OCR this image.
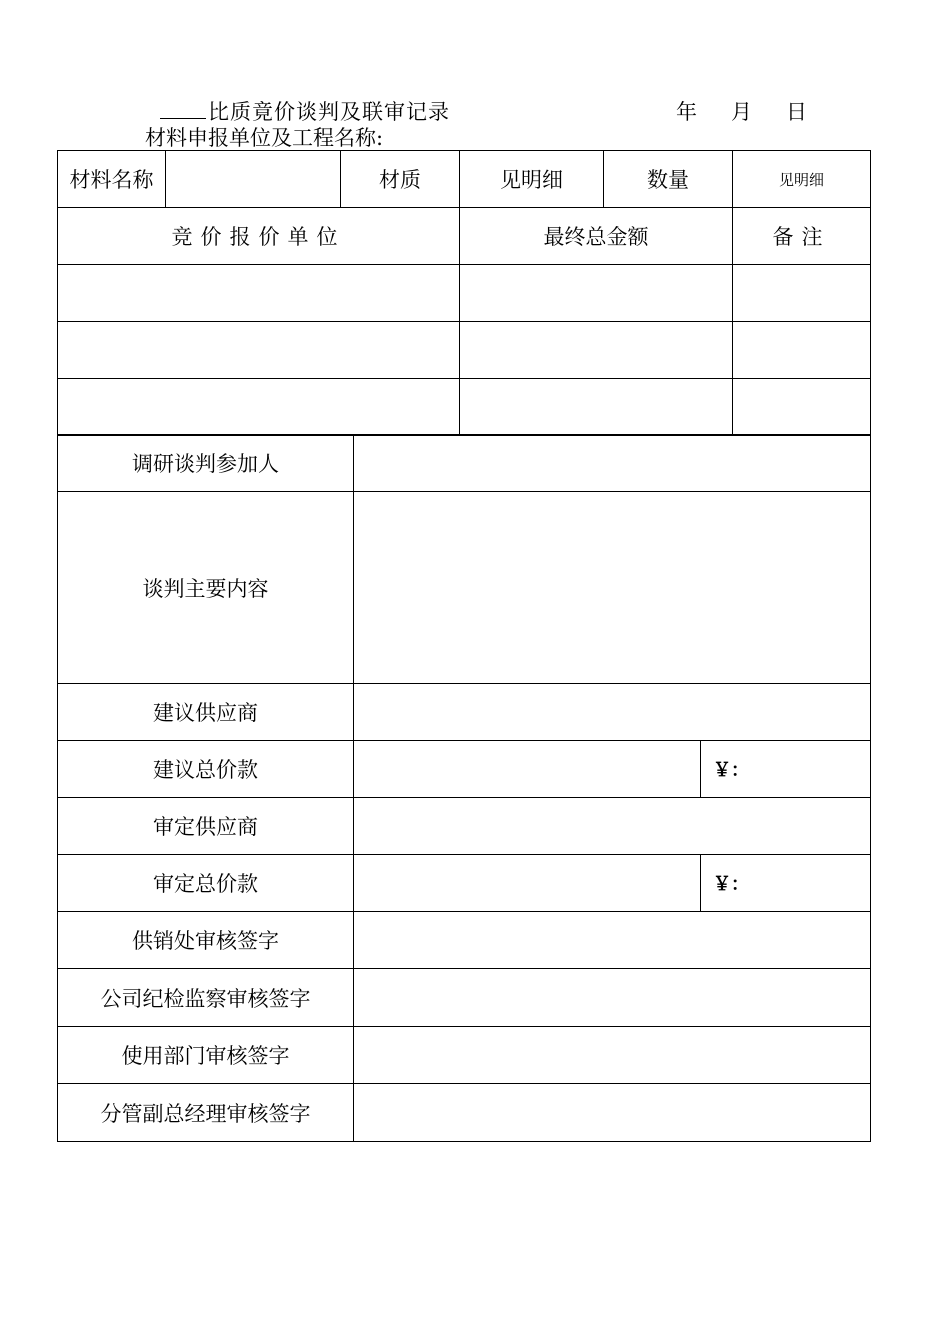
比质竟价谈判及联审记录	年 月 日
材料申报单位及工程名称:
材料名称		材质	见明细	数量	见明细
竞价报价单位			最终总金额		备注

调研谈判参加人		
谈判主要内容		
建议供应商		
建议总价款		￥：
审定供应商		
审定总价款		￥：
供销处审核签字		
公司纪检监察审核签字		
使用部门审核签字		
分管副总经理审核签字		
